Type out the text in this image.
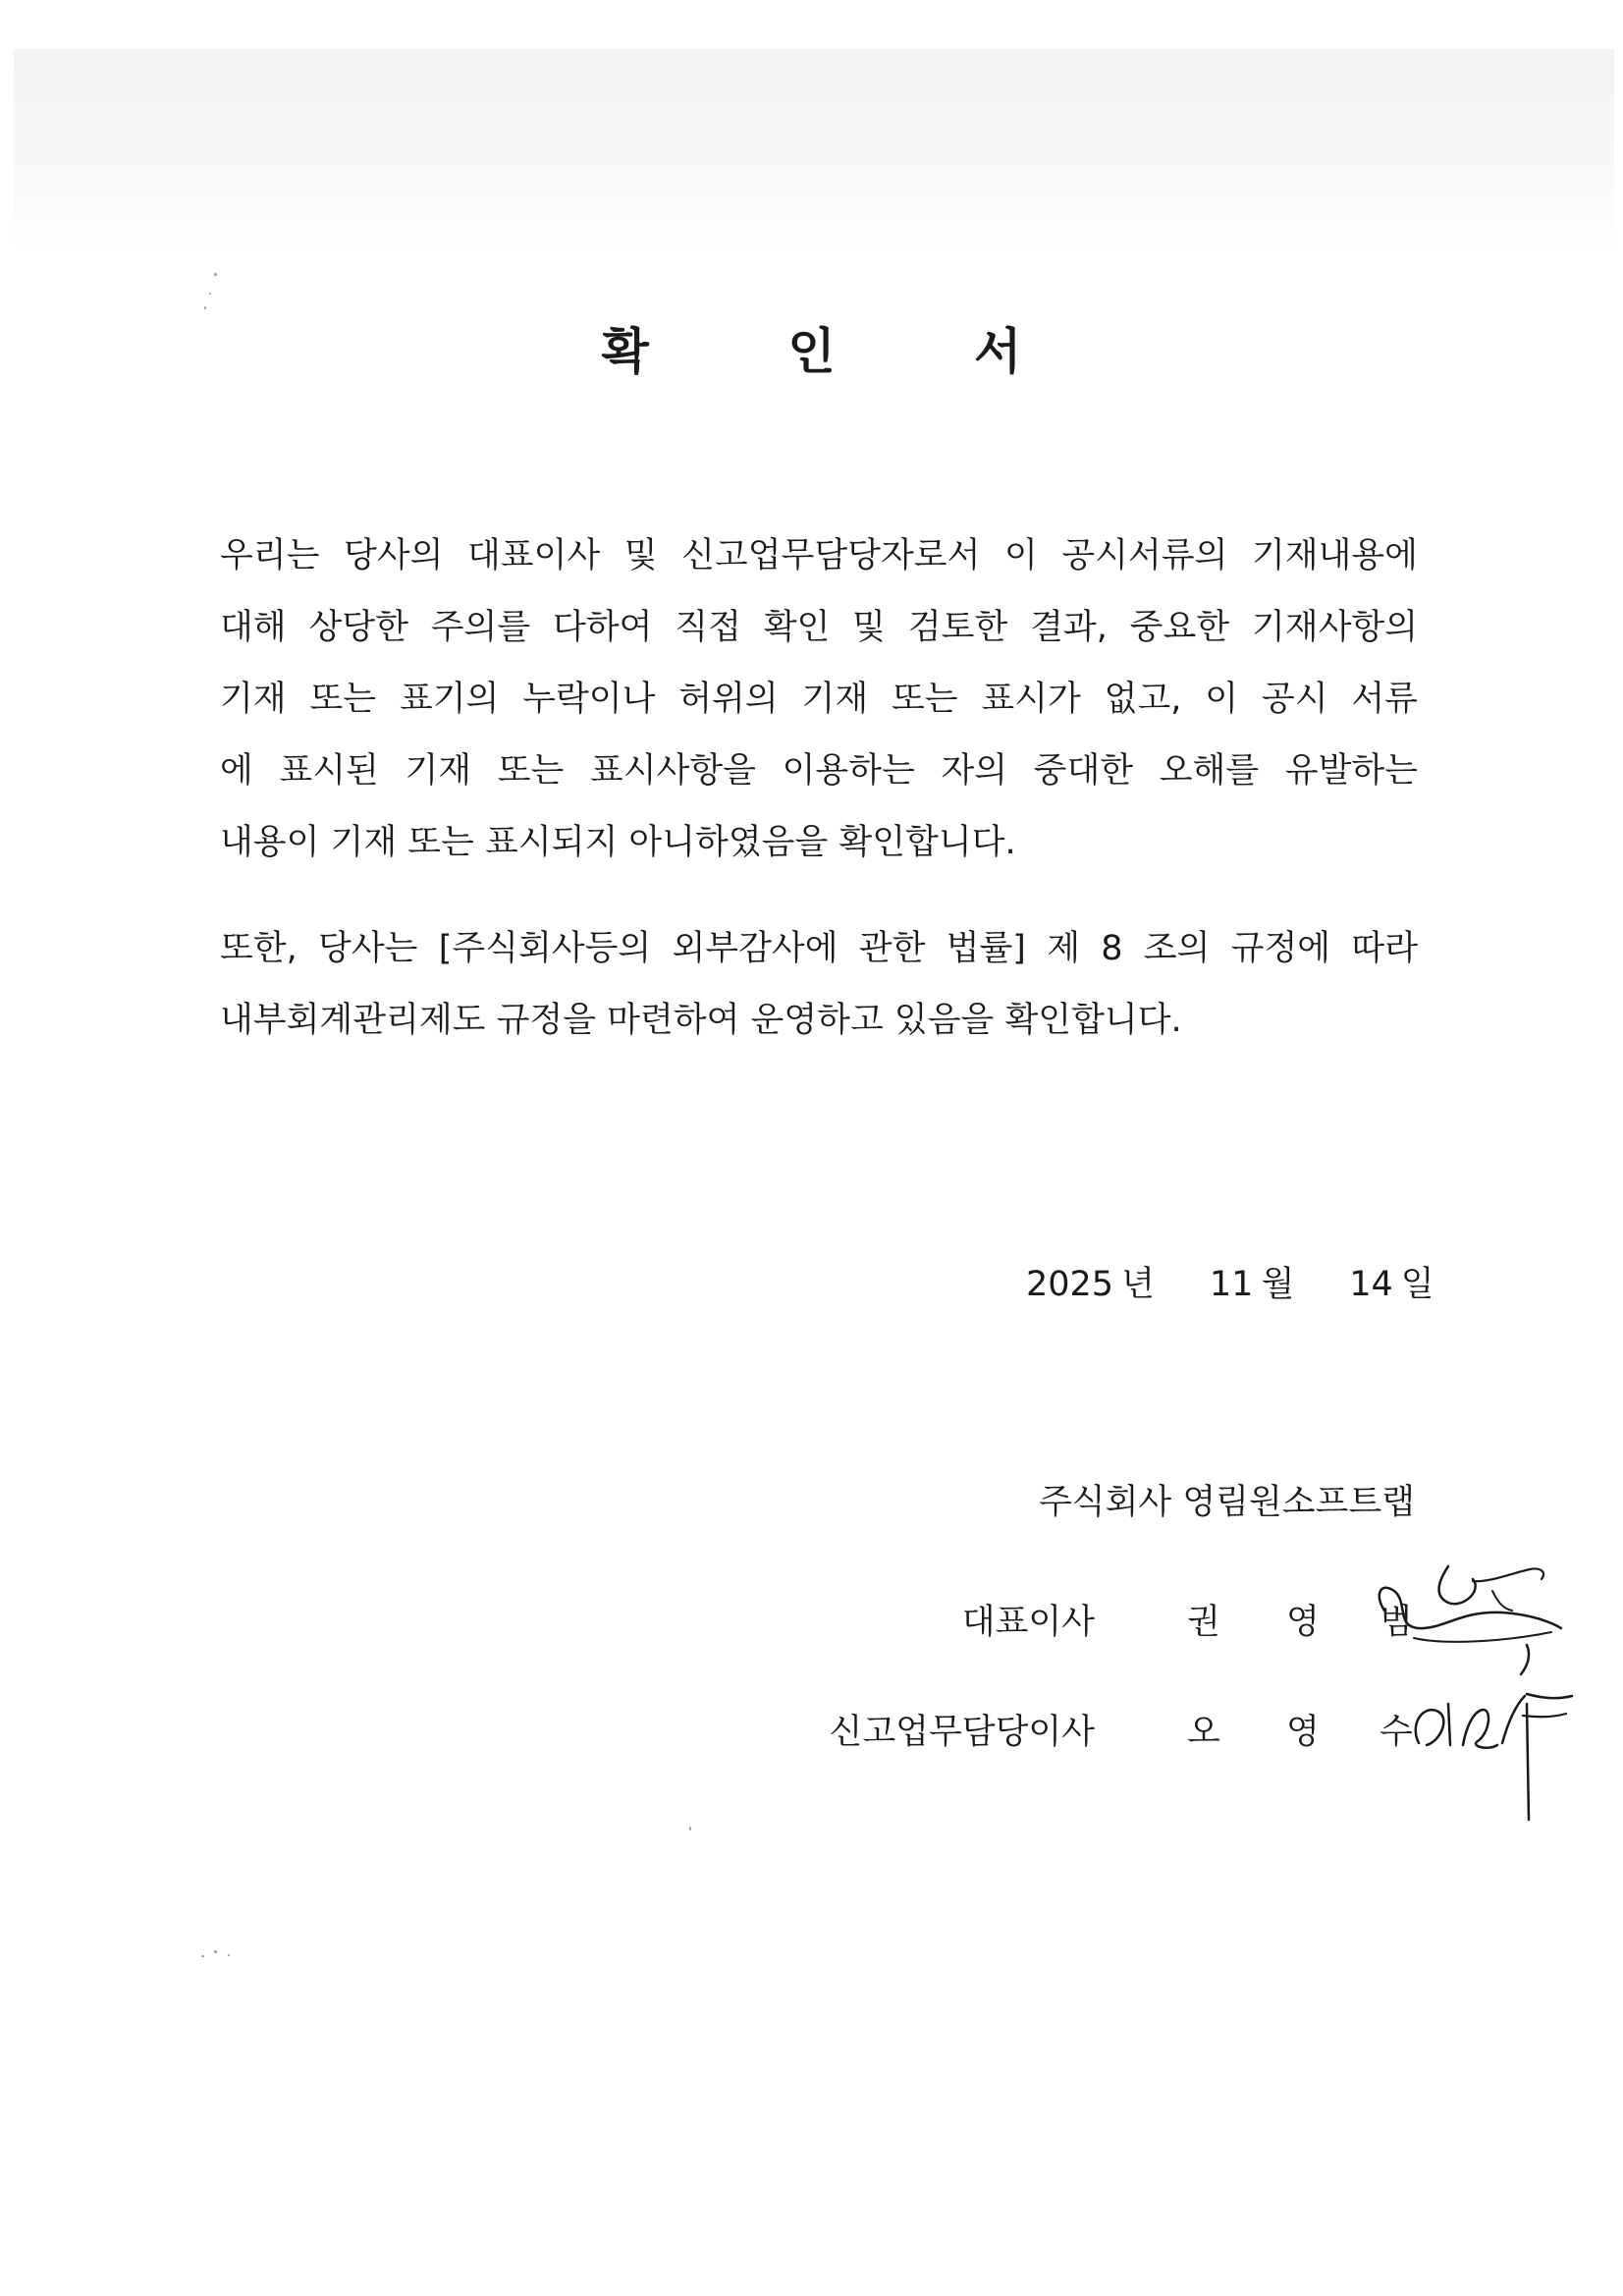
확 인 서
우리는 당사의 대표이사 및 신고업무담당자로서 이 공시서류의 기재내용에
대해 상당한 주의를 다하여 직접 확인 및 검토한 결과, 중요한 기재사항의
기재 또는 표기의 누락이나 허위의 기재 또는 표시가 없고, 이 공시 서류
에 표시된 기재 또는 표시사항을 이용하는 자의 중대한 오해를 유발하는
내용이 기재 또는 표시되지 아니하였음을 확인합니다.
또한, 당사는 [주식회사등의 외부감사에 관한 법률] 제 8 조의 규정에 따라
내부회계관리제도 규정을 마련하여 운영하고 있음을 확인합니다.
2025 년 11 월 14 일
주식회사 영림원소프트랩
대표이사	권 영 범
신고업무담당이사	오 영 수
